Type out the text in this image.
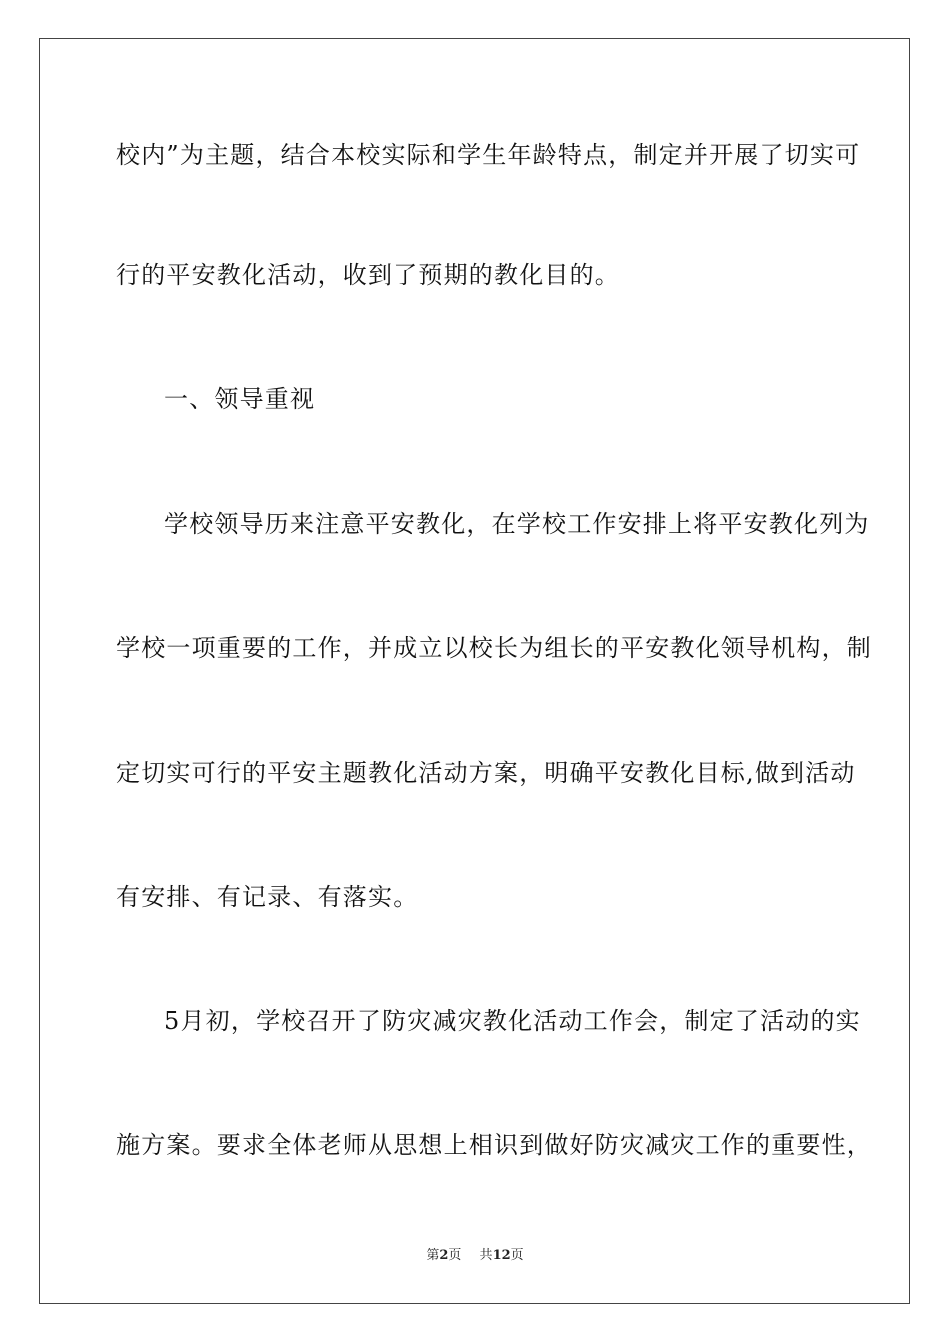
校内”为主题，结合本校实际和学生年龄特点，制定并开展了切实可
行的平安教化活动，收到了预期的教化目的。
一、领导重视
学校领导历来注意平安教化，在学校工作安排上将平安教化列为
学校一项重要的工作，并成立以校长为组长的平安教化领导机构，制
定切实可行的平安主题教化活动方案，明确平安教化目标,做到活动
有安排、有记录、有落实。
5月初，学校召开了防灾减灾教化活动工作会，制定了活动的实
施方案。要求全体老师从思想上相识到做好防灾减灾工作的重要性，
第2页 共12页
